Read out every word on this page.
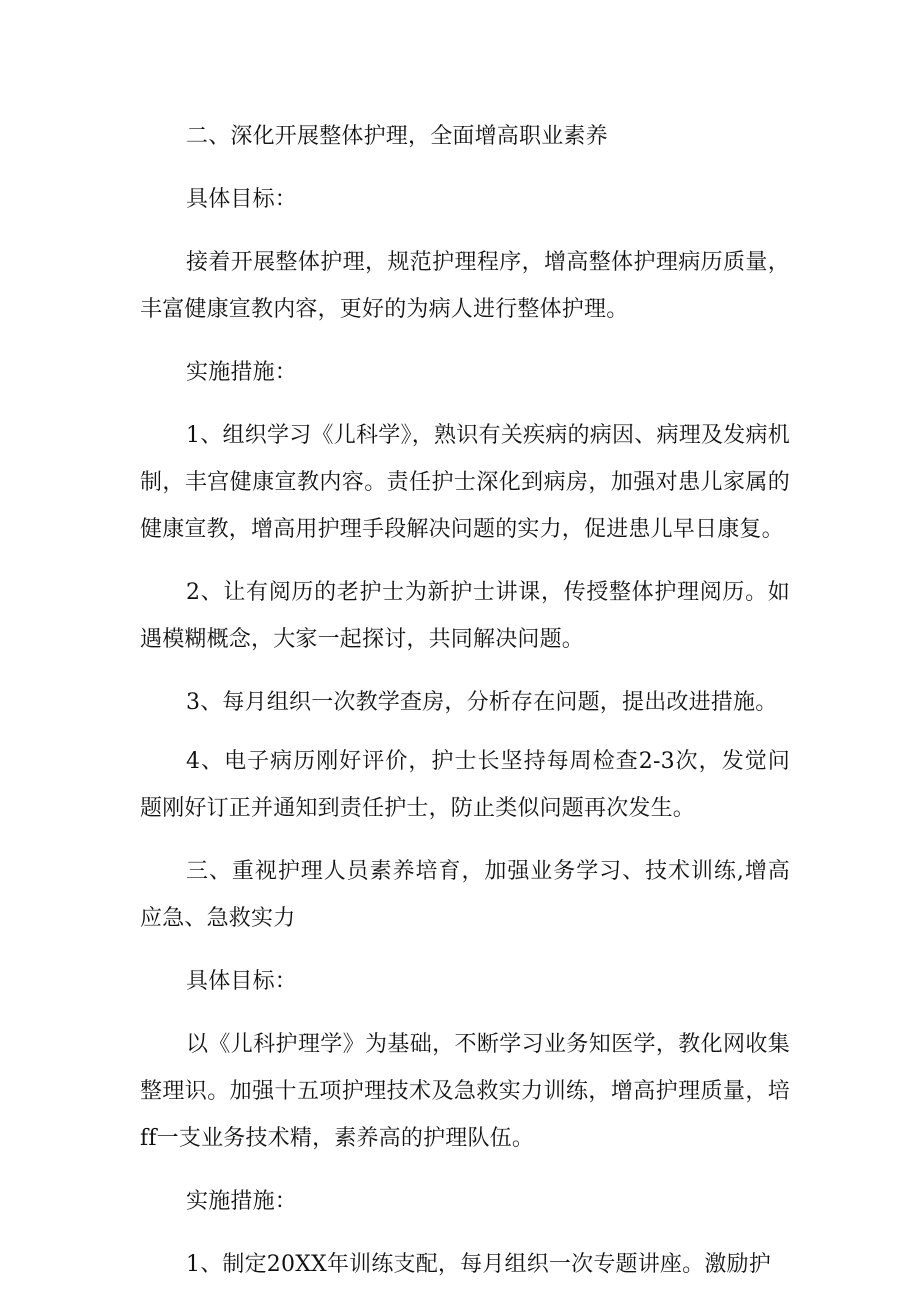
二、深化开展整体护理，全面增高职业素养

具体目标：

接着开展整体护理，规范护理程序，增高整体护理病历质量，丰富健康宣教内容，更好的为病人进行整体护理。

实施措施：

1、组织学习《儿科学》，熟识有关疾病的病因、病理及发病机制，丰宫健康宣教内容。责任护士深化到病房，加强对患儿家属的健康宣教，增高用护理手段解决问题的实力，促进患儿早日康复。

2、让有阅历的老护士为新护士讲课，传授整体护理阅历。如遇模糊概念，大家一起探讨，共同解决问题。

3、每月组织一次教学查房，分析存在问题，提出改进措施。

4、电子病历刚好评价，护士长坚持每周检查2-3次，发觉问题刚好订正并通知到责任护士，防止类似问题再次发生。

三、重视护理人员素养培育，加强业务学习、技术训练,增高应急、急救实力

具体目标：

以《儿科护理学》为基础，不断学习业务知医学，教化网收集整理识。加强十五项护理技术及急救实力训练，增高护理质量，培ff一支业务技术精，素养高的护理队伍。

实施措施：

1、制定20XX年训练支配，每月组织一次专题讲座。激励护
